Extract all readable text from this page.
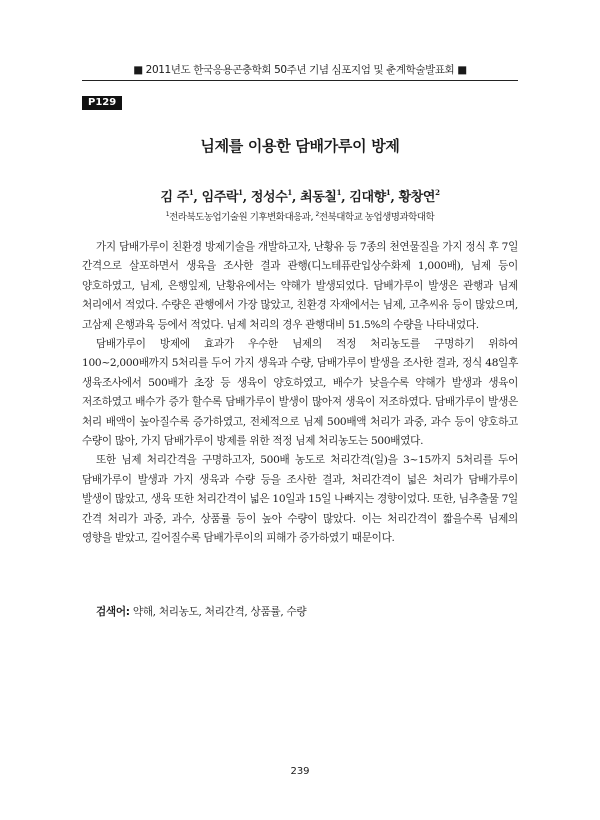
■ 2011년도 한국응용곤충학회 50주년 기념 심포지엄 및 춘계학술발표회 ■
P129
님제를 이용한 담배가루이 방제
김 주$^1$, 임주락$^1$, 정성수$^1$, 최동칠$^1$, 김대향$^1$, 황창연$^2$
$^1$전라북도농업기술원 기후변화대응과, $^2$전북대학교 농업생명과학대학

가지 담배가루이 친환경 방제기술을 개발하고자, 난황유 등 7종의 천연물질을 가지 정식 후 7일 간격으로 살포하면서 생육을 조사한 결과 관행(디노테퓨란입상수화제 1,000배), 님제 등이 양호하였고, 님제, 은행잎제, 난황유에서는 약해가 발생되었다. 담배가루이 발생은 관행과 님제 처리에서 적었다. 수량은 관행에서 가장 많았고, 친환경 자재에서는 님제, 고추씨유 등이 많았으며, 고삼제 은행과육 등에서 적었다. 님제 처리의 경우 관행대비 51.5%의 수량을 나타내었다.

담배가루이 방제에 효과가 우수한 님제의 적정 처리농도를 구명하기 위하여 100~2,000배까지 5처리를 두어 가지 생육과 수량, 담배가루이 발생을 조사한 결과, 정식 48일후 생육조사에서 500배가 초장 등 생육이 양호하였고, 배수가 낮을수록 약해가 발생과 생육이 저조하였고 배수가 증가 할수록 담배가루이 발생이 많아져 생육이 저조하였다. 담배가루이 발생은 처리 배액이 높아질수록 증가하였고, 전체적으로 님제 500배액 처리가 과중, 과수 등이 양호하고 수량이 많아, 가지 담배가루이 방제를 위한 적정 님제 처리농도는 500배였다.

또한 님제 처리간격을 구명하고자, 500배 농도로 처리간격(일)을 3~15까지 5처리를 두어 담배가루이 발생과 가지 생육과 수량 등을 조사한 결과, 처리간격이 넓은 처리가 담배가루이 발생이 많았고, 생육 또한 처리간격이 넓은 10일과 15일 나빠지는 경향이었다. 또한, 님추출물 7일 간격 처리가 과중, 과수, 상품률 등이 높아 수량이 많았다. 이는 처리간격이 짧을수록 님제의 영향을 받았고, 길어질수록 담배가루이의 피해가 증가하였기 때문이다.

검색어: 약해, 처리농도, 처리간격, 상품률, 수량
239
